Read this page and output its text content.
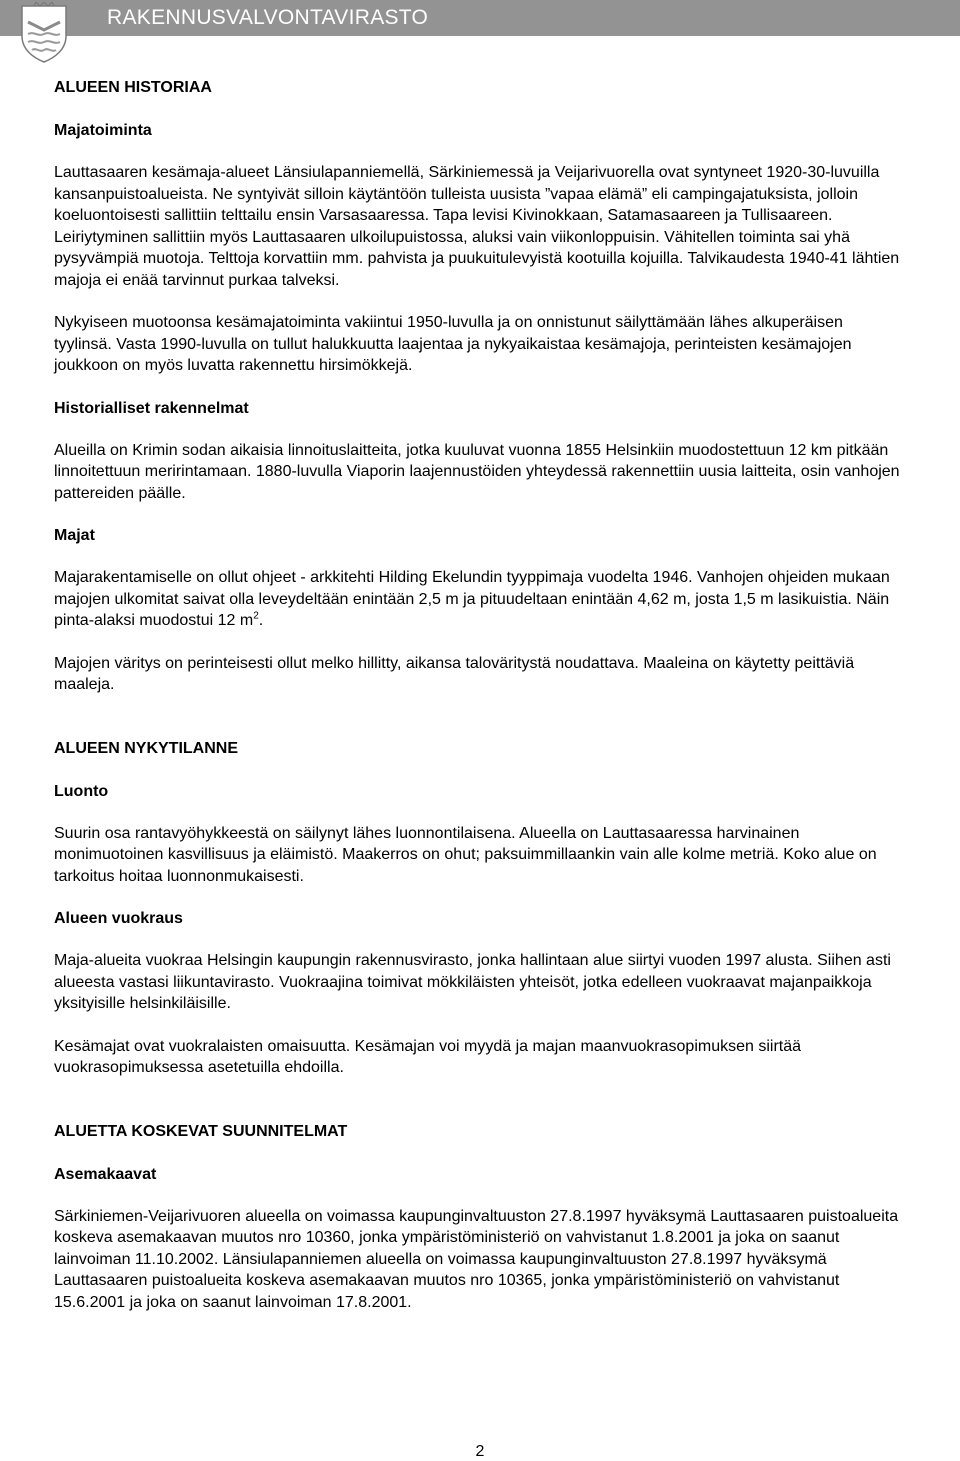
RAKENNUSVALVONTAVIRASTO

ALUEEN HISTORIAA

Majatoiminta

Lauttasaaren kesämaja-alueet Länsiulapanniemellä, Särkiniemessä ja Veijarivuorella ovat syntyneet 1920-30-luvuilla kansanpuistoalueista. Ne syntyivät silloin käytäntöön tulleista uusista ”vapaa elämä” eli campingajatuksista, jolloin koeluontoisesti sallittiin telttailu ensin Varsasaaressa. Tapa levisi Kivinokkaan, Satamasaareen ja Tullisaareen. Leiriytyminen sallittiin myös Lauttasaaren ulkoilupuistossa, aluksi vain viikonloppuisin. Vähitellen toiminta sai yhä pysyvämpiä muotoja. Telttoja korvattiin mm. pahvista ja puukuitulevyistä kootuilla kojuilla. Talvikaudesta 1940-41 lähtien majoja ei enää tarvinnut purkaa talveksi.

Nykyiseen muotoonsa kesämajatoiminta vakiintui 1950-luvulla ja on onnistunut säilyttämään lähes alkuperäisen tyylinsä. Vasta 1990-luvulla on tullut halukkuutta laajentaa ja nykyaikaistaa kesämajoja, perinteisten kesämajojen joukkoon on myös luvatta rakennettu hirsimökkejä.

Historialliset rakennelmat

Alueilla on Krimin sodan aikaisia linnoituslaitteita, jotka kuuluvat vuonna 1855 Helsinkiin muodostettuun 12 km pitkään linnoitettuun meririntamaan. 1880-luvulla Viaporin laajennustöiden yhteydessä rakennettiin uusia laitteita, osin vanhojen pattereiden päälle.

Majat

Majarakentamiselle on ollut ohjeet - arkkitehti Hilding Ekelundin tyyppimaja vuodelta 1946. Vanhojen ohjeiden mukaan majojen ulkomitat saivat olla leveydeltään enintään 2,5 m ja pituudeltaan enintään 4,62 m, josta 1,5 m lasikuistia. Näin pinta-alaksi muodostui 12 $m^2$.

Majojen väritys on perinteisesti ollut melko hillitty, aikansa taloväritystä noudattava. Maaleina on käytetty peittäviä maaleja.

ALUEEN NYKYTILANNE

Luonto

Suurin osa rantavyöhykkeestä on säilynyt lähes luonnontilaisena. Alueella on Lauttasaaressa harvinainen monimuotoinen kasvillisuus ja eläimistö. Maakerros on ohut; paksuimmillaankin vain alle kolme metriä. Koko alue on tarkoitus hoitaa luonnonmukaisesti.

Alueen vuokraus

Maja-alueita vuokraa Helsingin kaupungin rakennusvirasto, jonka hallintaan alue siirtyi vuoden 1997 alusta. Siihen asti alueesta vastasi liikuntavirasto. Vuokraajina toimivat mökkiläisten yhteisöt, jotka edelleen vuokraavat majanpaikkoja yksityisille helsinkiläisille.

Kesämajat ovat vuokralaisten omaisuutta. Kesämajan voi myydä ja majan maanvuokrasopimuksen siirtää vuokrasopimuksessa asetetuilla ehdoilla.

ALUETTA KOSKEVAT SUUNNITELMAT

Asemakaavat

Särkiniemen-Veijarivuoren alueella on voimassa kaupunginvaltuuston 27.8.1997 hyväksymä Lauttasaaren puistoalueita koskeva asemakaavan muutos nro 10360, jonka ympäristöministeriö on vahvistanut 1.8.2001 ja joka on saanut lainvoiman 11.10.2002. Länsiulapanniemen alueella on voimassa kaupunginvaltuuston 27.8.1997 hyväksymä Lauttasaaren puistoalueita koskeva asemakaavan muutos nro 10365, jonka ympäristöministeriö on vahvistanut 15.6.2001 ja joka on saanut lainvoiman 17.8.2001.

2
